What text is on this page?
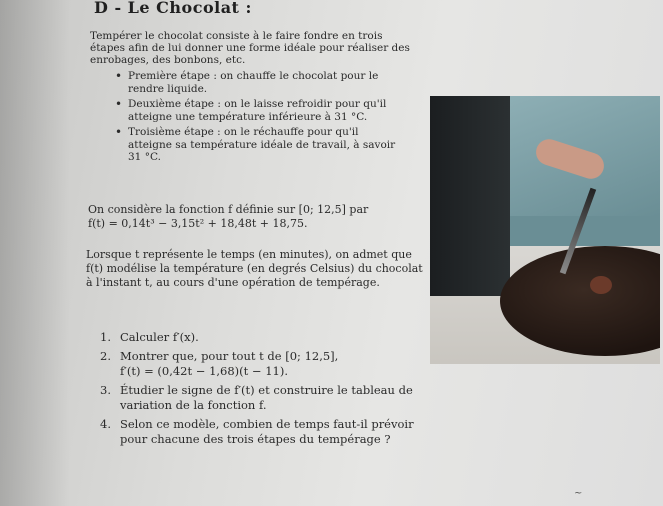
D - Le Chocolat :
Tempérer le chocolat consiste à le faire fondre en trois étapes afin de lui donner une forme idéale pour réaliser des enrobages, des bonbons, etc.
• Première étape : on chauffe le chocolat pour le rendre liquide.
• Deuxième étape : on le laisse refroidir pour qu'il atteigne une température inférieure à 31 °C.
• Troisième étape : on le réchauffe pour qu'il atteigne sa température idéale de travail, à savoir 31 °C.
On considère la fonction f définie sur [0; 12,5] par
f(t) = 0,14t³ − 3,15t² + 18,48t + 18,75.
Lorsque t représente le temps (en minutes), on admet que f(t) modélise la température (en degrés Celsius) du chocolat à l'instant t, au cours d'une opération de tempérage.
1. Calculer f′(x).
2. Montrer que, pour tout t de [0; 12,5],
f′(t) = (0,42t − 1,68)(t − 11).
3. Étudier le signe de f′(t) et construire le tableau de variation de la fonction f.
4. Selon ce modèle, combien de temps faut-il prévoir pour chacune des trois étapes du tempérage ?
~
